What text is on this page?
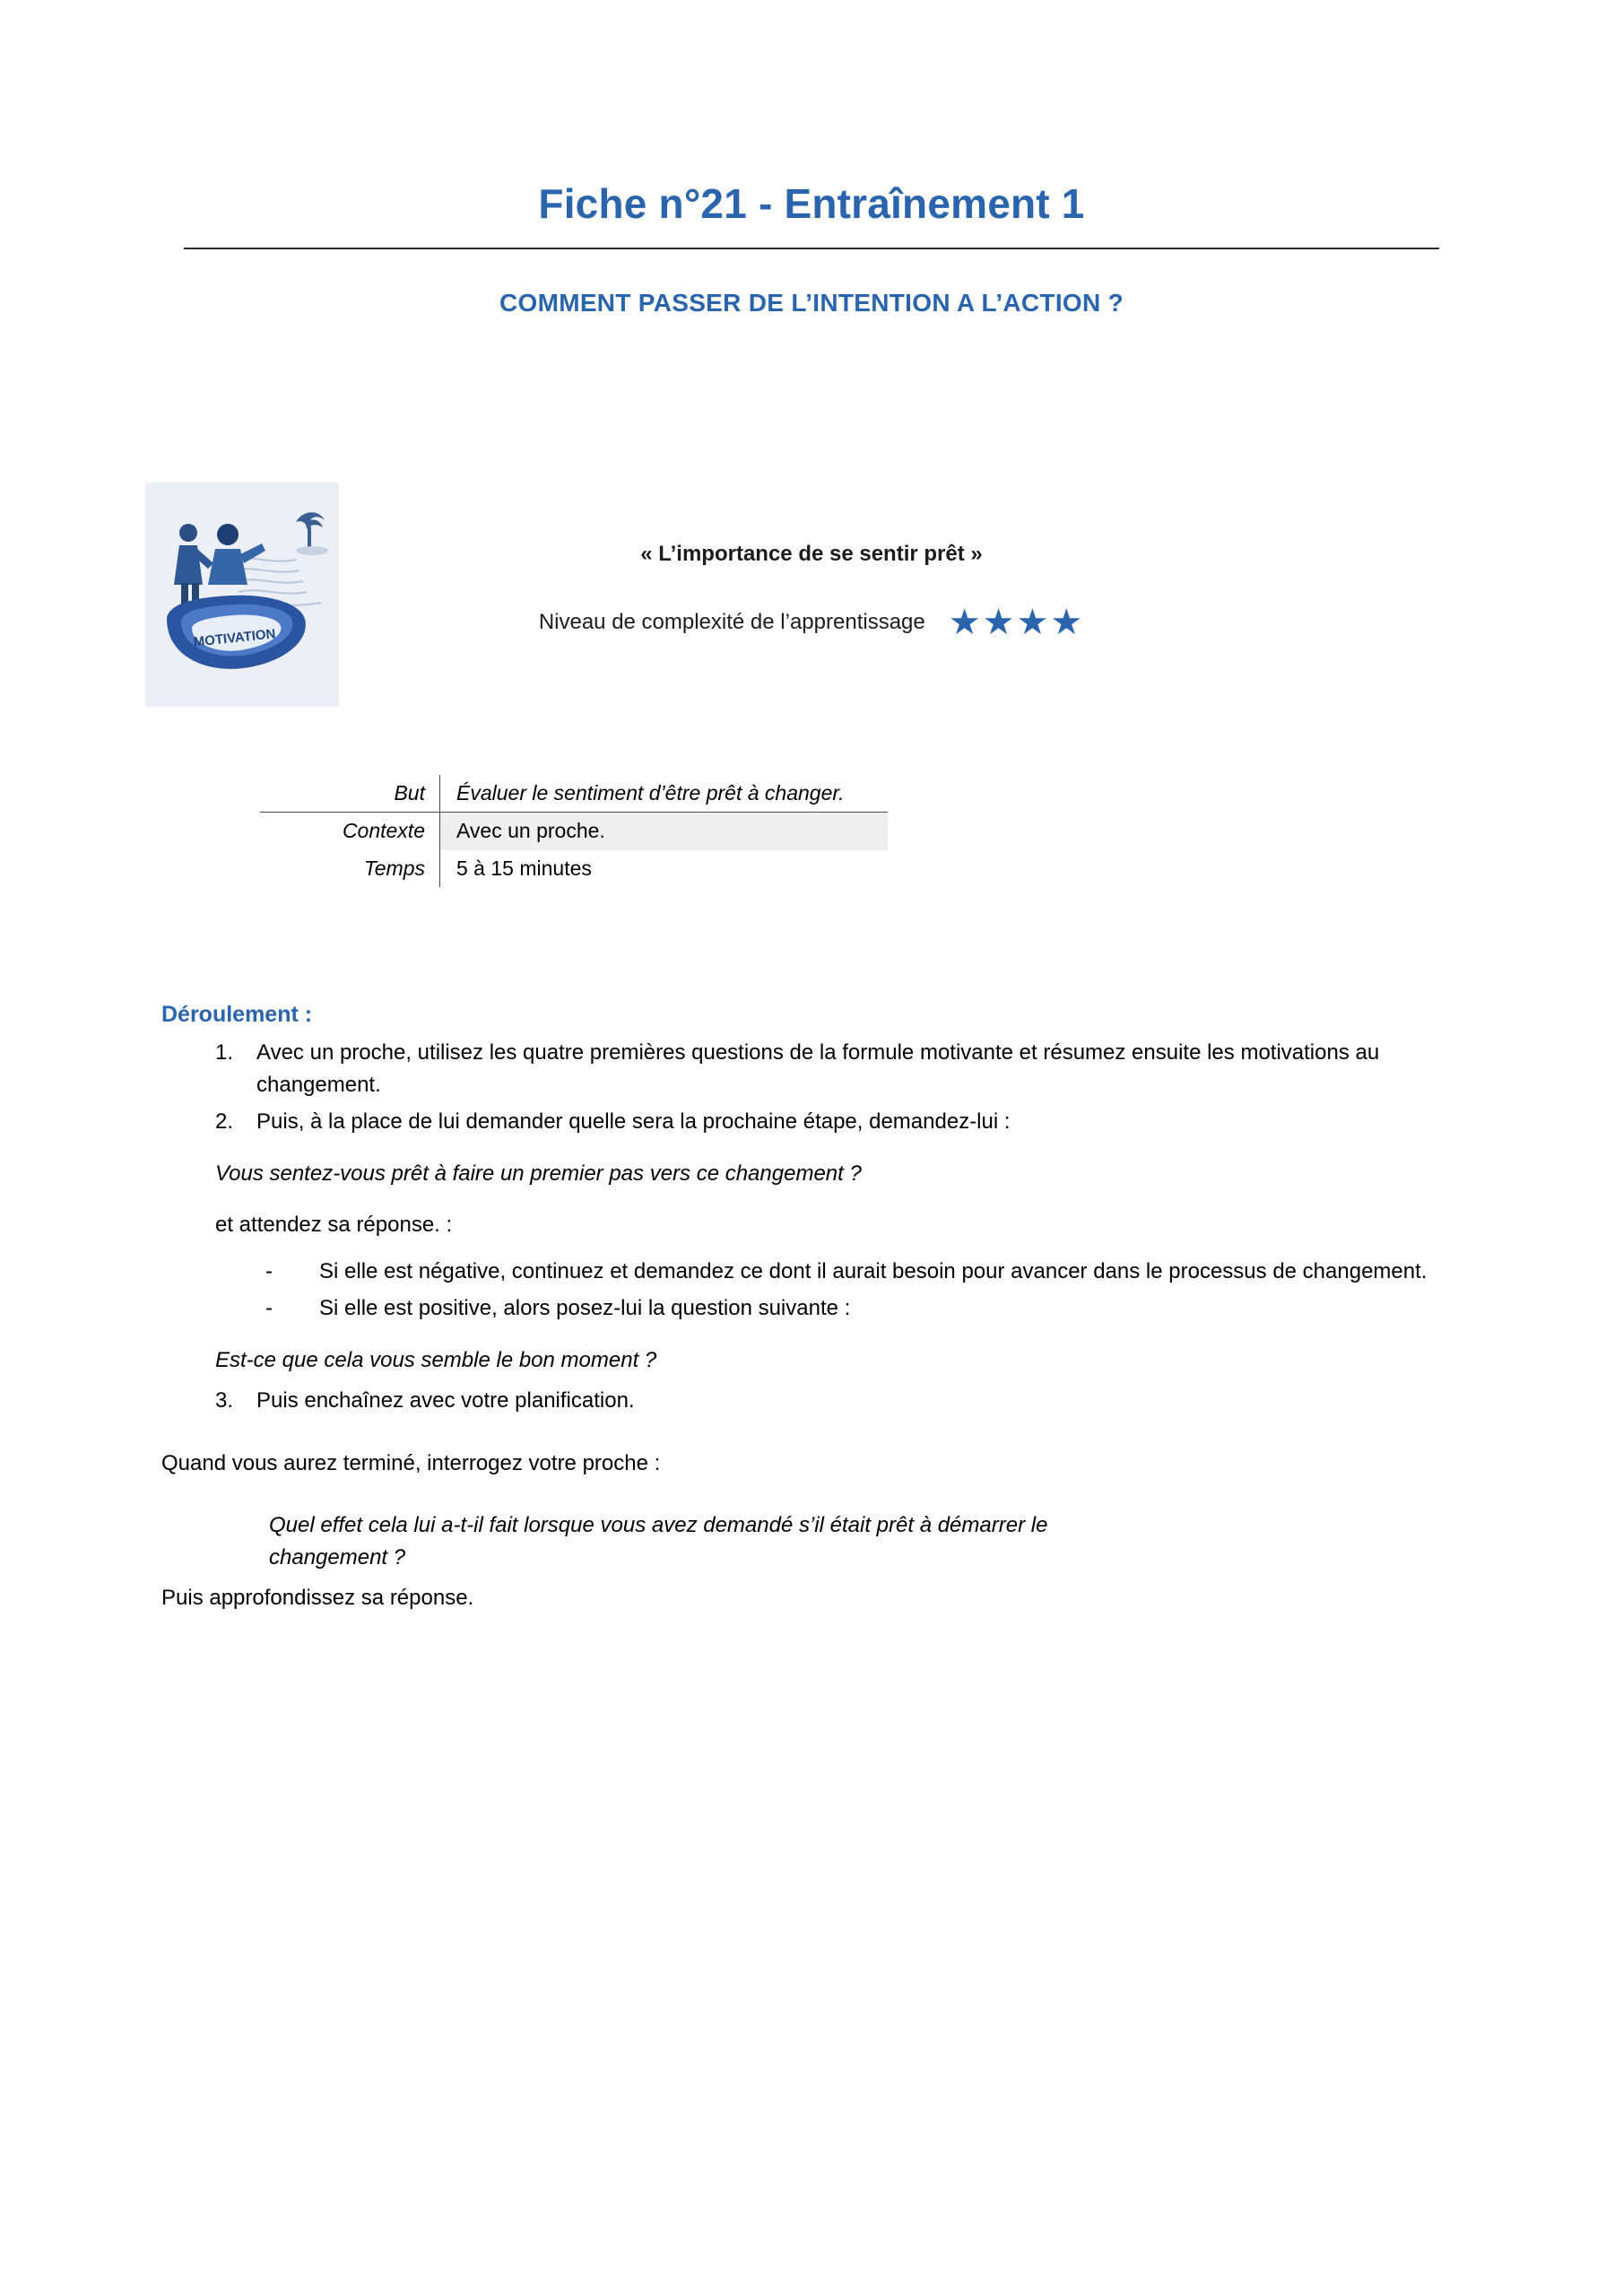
Fiche n°21 - Entraînement 1
COMMENT PASSER DE L’INTENTION A L’ACTION ?
MOTIVATION

« L’importance de se sentir prêt »

Niveau de complexité de l’apprentissage ★★★★
But	Évaluer le sentiment d’être prêt à changer.
Contexte	Avec un proche.
Temps	5 à 15 minutes
Déroulement :
1. Avec un proche, utilisez les quatre premières questions de la formule motivante et résumez ensuite les motivations au changement.
2. Puis, à la place de lui demander quelle sera la prochaine étape, demandez-lui :

Vous sentez-vous prêt à faire un premier pas vers ce changement ?

et attendez sa réponse. :

- Si elle est négative, continuez et demandez ce dont il aurait besoin pour avancer dans le processus de changement.
- Si elle est positive, alors posez-lui la question suivante :

Est-ce que cela vous semble le bon moment ?

3. Puis enchaînez avec votre planification.

Quand vous aurez terminé, interrogez votre proche :

Quel effet cela lui a-t-il fait lorsque vous avez demandé s’il était prêt à démarrer le
changement ?

Puis approfondissez sa réponse.
